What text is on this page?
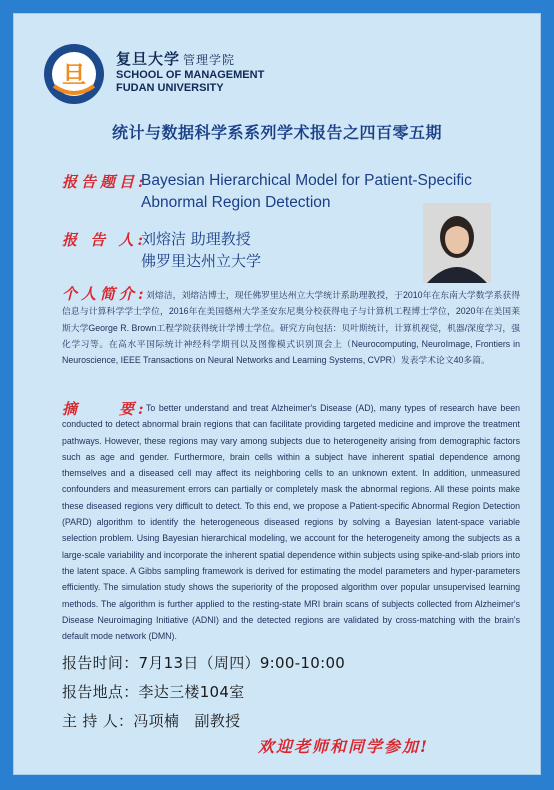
旦
复旦大学 管理学院
SCHOOL OF MANAGEMENT
FUDAN UNIVERSITY
统计与数据科学系系列学术报告之四百零五期
报告题目:
Bayesian Hierarchical Model for Patient-Specific Abnormal Region Detection
报 告 人:
刘熔洁 助理教授
佛罗里达州立大学
个人简介:
刘熔洁，刘熔洁博士，现任佛罗里达州立大学统计系助理教授，于2010年在东南大学数学系获得信息与计算科学学士学位，2016年在美国德州大学圣安东尼奥分校获得电子与计算机工程博士学位，2020年在美国莱斯大学George R. Brown工程学院获得统计学博士学位。研究方向包括：贝叶斯统计，计算机视觉，机器/深度学习，强化学习等。在高水平国际统计神经科学期刊以及图像模式识别顶会上（Neurocomputing, NeuroImage, Frontiers in Neuroscience, IEEE Transactions on Neural Networks and Learning Systems, CVPR）发表学术论文40多篇。
摘　　要:
To better understand and treat Alzheimer's Disease (AD), many types of research have been conducted to detect abnormal brain regions that can facilitate providing targeted medicine and improve the treatment pathways. However, these regions may vary among subjects due to heterogeneity arising from demographic factors such as age and gender. Furthermore, brain cells within a subject have inherent spatial dependence among themselves and a diseased cell may affect its neighboring cells to an unknown extent. In addition, unmeasured confounders and measurement errors can partially or completely mask the abnormal regions. All these points make these diseased regions very difficult to detect. To this end, we propose a Patient-specific Abnormal Region Detection (PARD) algorithm to identify the heterogeneous diseased regions by solving a Bayesian latent-space variable selection problem. Using Bayesian hierarchical modeling, we account for the heterogeneity among the subjects as a large-scale variability and incorporate the inherent spatial dependence within subjects using spike-and-slab priors into the latent space. A Gibbs sampling framework is derived for estimating the model parameters and hyper-parameters efficiently. The simulation study shows the superiority of the proposed algorithm over popular unsupervised learning methods. The algorithm is further applied to the resting-state MRI brain scans of subjects collected from Alzheimer's Disease Neuroimaging Initiative (ADNI) and the detected regions are validated by cross-matching with the brain's default mode network (DMN).
报告时间：7月13日（周四）9:00-10:00
报告地点：李达三楼104室
主 持 人：冯项楠　副教授
欢迎老师和同学参加!
